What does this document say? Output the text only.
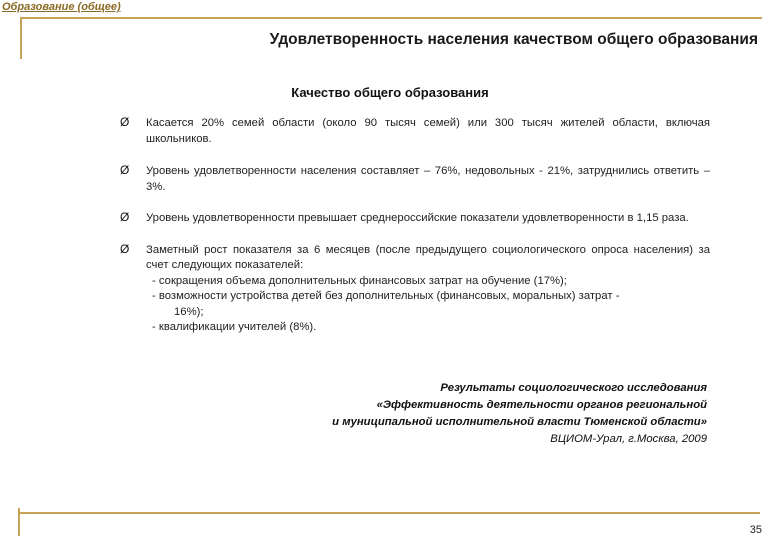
Образование (общее)
Удовлетворенность населения качеством общего образования
Качество общего образования
Ø Касается 20% семей области (около 90 тысяч семей) или 300 тысяч жителей области, включая школьников.
Ø Уровень удовлетворенности населения составляет – 76%, недовольных - 21%, затруднились ответить – 3%.
Ø Уровень удовлетворенности превышает среднероссийские показатели удовлетворенности в 1,15 раза.
Ø Заметный рост показателя за 6 месяцев (после предыдущего социологического опроса населения) за счет следующих показателей:
- сокращения объема дополнительных финансовых затрат на обучение (17%);
- возможности устройства детей без дополнительных (финансовых, моральных) затрат -
16%);
- квалификации учителей (8%).
Результаты социологического исследования
«Эффективность деятельности органов региональной
и муниципальной исполнительной власти Тюменской области»
ВЦИОМ-Урал, г.Москва, 2009
35
